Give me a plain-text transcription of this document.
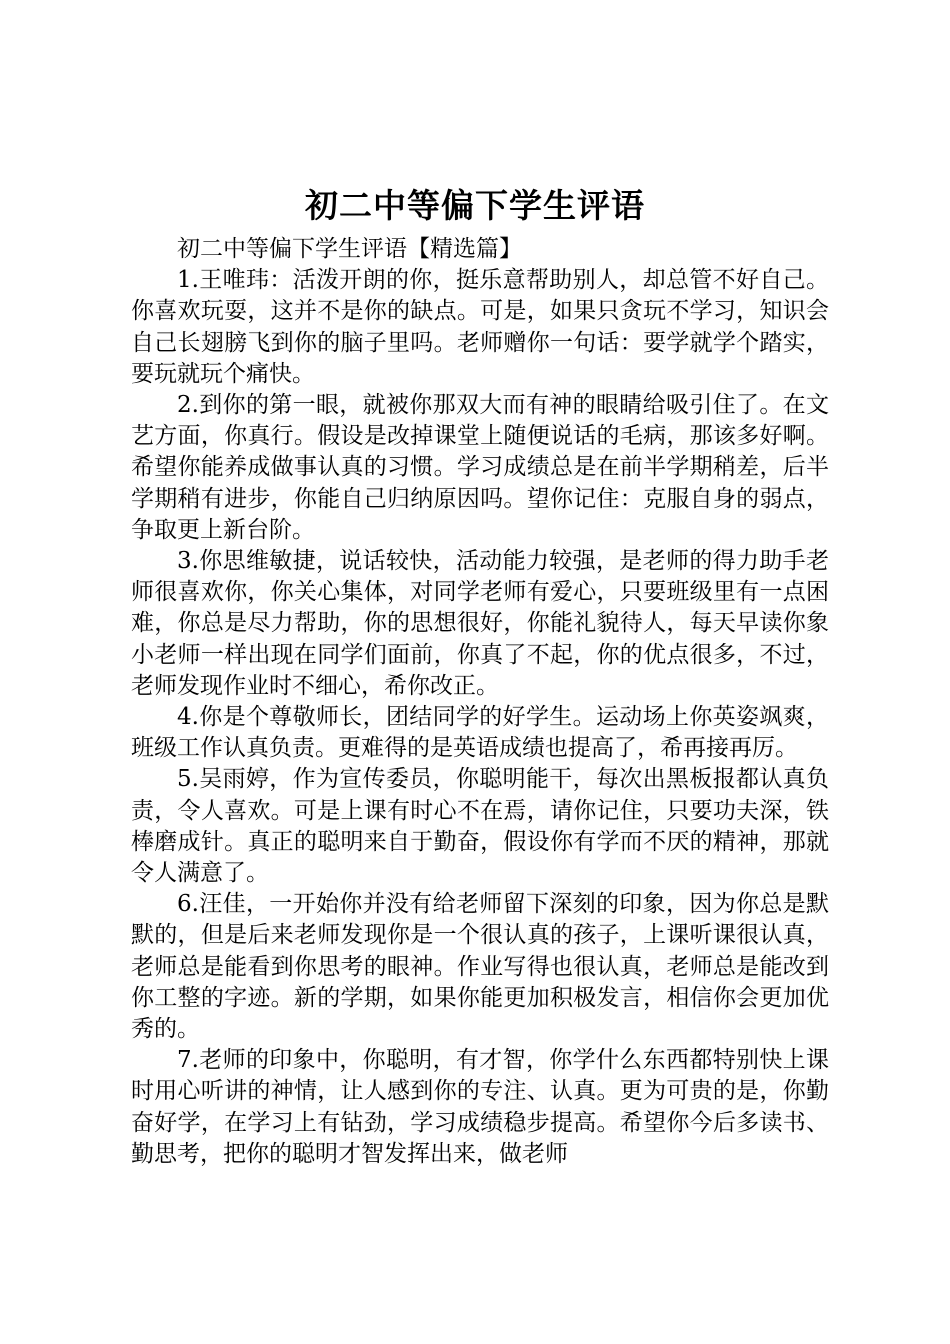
初二中等偏下学生评语

初二中等偏下学生评语【精选篇】

1.王唯玮：活泼开朗的你，挺乐意帮助别人，却总管不好自己。你喜欢玩耍，这并不是你的缺点。可是，如果只贪玩不学习，知识会自己长翅膀飞到你的脑子里吗。老师赠你一句话：要学就学个踏实，要玩就玩个痛快。

2.到你的第一眼，就被你那双大而有神的眼睛给吸引住了。在文艺方面，你真行。假设是改掉课堂上随便说话的毛病，那该多好啊。希望你能养成做事认真的习惯。学习成绩总是在前半学期稍差，后半学期稍有进步，你能自己归纳原因吗。望你记住：克服自身的弱点，争取更上新台阶。

3.你思维敏捷，说话较快，活动能力较强，是老师的得力助手老师很喜欢你，你关心集体，对同学老师有爱心，只要班级里有一点困难，你总是尽力帮助，你的思想很好，你能礼貌待人，每天早读你象小老师一样出现在同学们面前，你真了不起，你的优点很多，不过，老师发现作业时不细心，希你改正。

4.你是个尊敬师长，团结同学的好学生。运动场上你英姿飒爽，班级工作认真负责。更难得的是英语成绩也提高了，希再接再厉。

5.吴雨婷，作为宣传委员，你聪明能干，每次出黑板报都认真负责，令人喜欢。可是上课有时心不在焉，请你记住，只要功夫深，铁棒磨成针。真正的聪明来自于勤奋，假设你有学而不厌的精神，那就令人满意了。

6.汪佳，一开始你并没有给老师留下深刻的印象，因为你总是默默的，但是后来老师发现你是一个很认真的孩子，上课听课很认真，老师总是能看到你思考的眼神。作业写得也很认真，老师总是能改到你工整的字迹。新的学期，如果你能更加积极发言，相信你会更加优秀的。

7.老师的印象中，你聪明，有才智，你学什么东西都特别快上课时用心听讲的神情，让人感到你的专注、认真。更为可贵的是，你勤奋好学，在学习上有钻劲，学习成绩稳步提高。希望你今后多读书、勤思考，把你的聪明才智发挥出来，做老师
